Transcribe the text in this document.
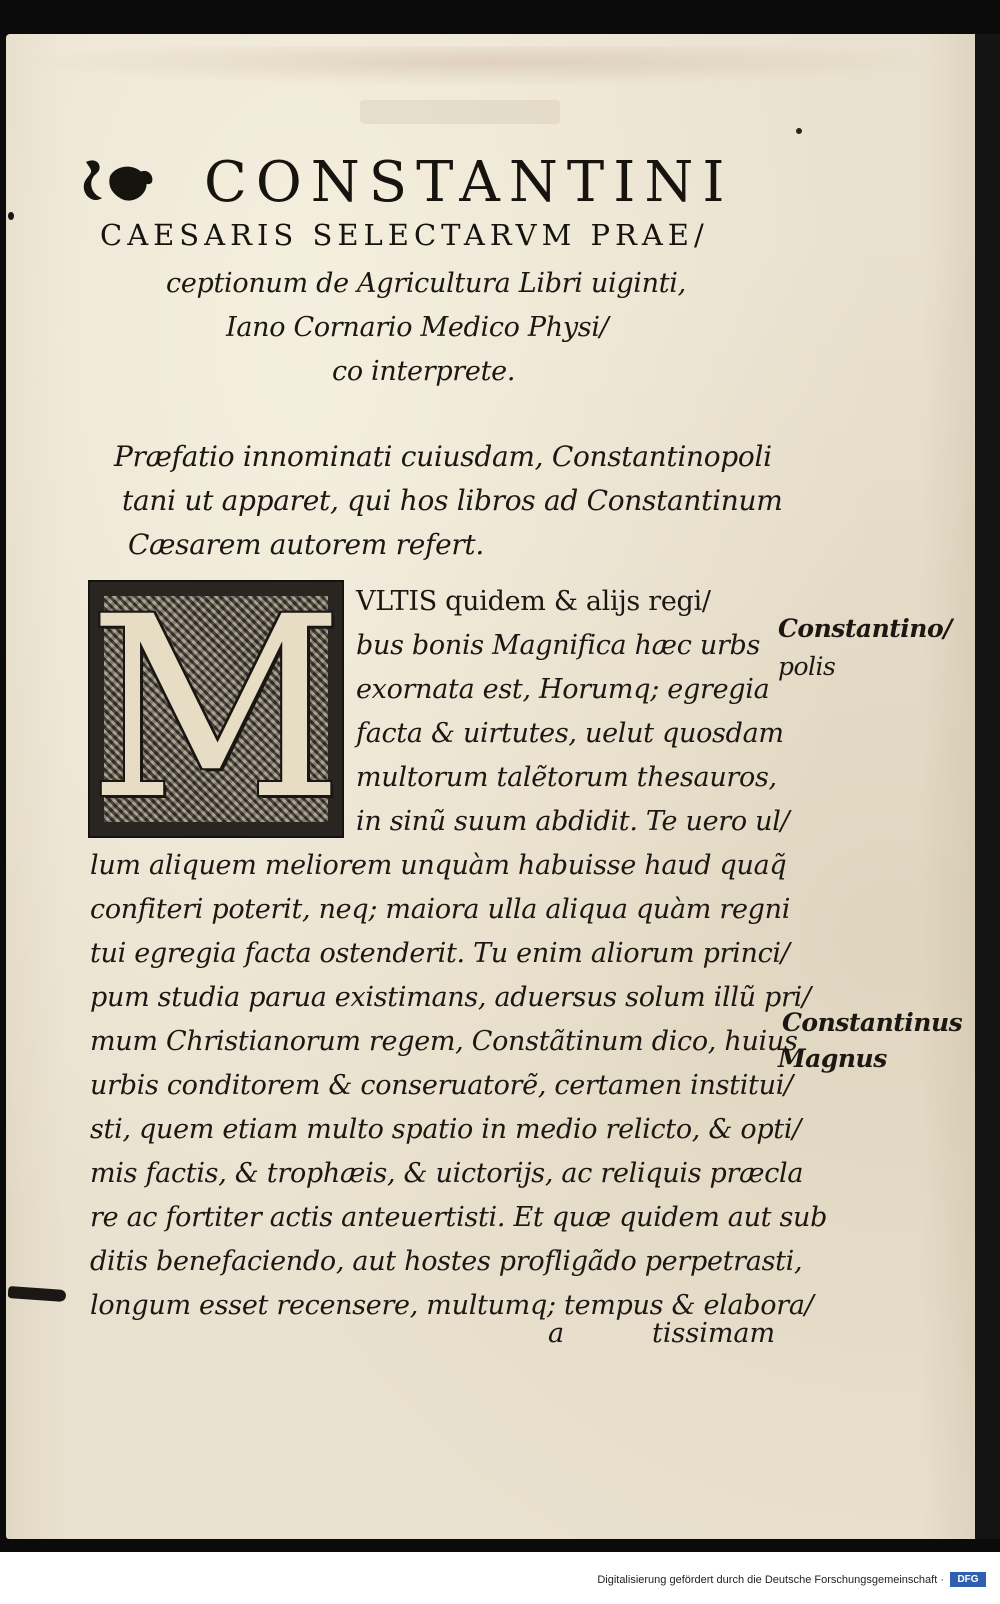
CONSTANTINI
CAESARIS SELECTARVM PRAE/
ceptionum de Agricultura Libri uiginti,
Iano Cornario Medico Physi/
co interprete.
Præfatio innominati cuiusdam, Constantinopoli
tani ut apparet, qui hos libros ad Constantinum
Cæsarem autorem refert.
M VLTIS quidem & alijs regi/
bus bonis Magnifica hæc urbs
exornata est, Horumq; egregia
facta & uirtutes, uelut quosdam
multorum talẽtorum thesauros,
in sinũ suum abdidit. Te uero ul/
lum aliquem meliorem unquàm habuisse haud quaq̃
confiteri poterit, neq; maiora ulla aliqua quàm regni
tui egregia facta ostenderit. Tu enim aliorum princi/
pum studia parua existimans, aduersus solum illũ pri/
mum Christianorum regem, Constãtinum dico, huius
urbis conditorem & conseruatorẽ, certamen institui/
sti, quem etiam multo spatio in medio relicto, & opti/
mis factis, & trophæis, & uictorijs, ac reliquis præcla
re ac fortiter actis anteuertisti. Et quæ quidem aut sub
ditis benefaciendo, aut hostes profligãdo perpetrasti,
longum esset recensere, multumq; tempus & elabora/
a	tissimam
Constantino/
polis
Constantinus
Magnus
Digitalisierung gefördert durch die Deutsche Forschungsgemeinschaft ·	DFG
